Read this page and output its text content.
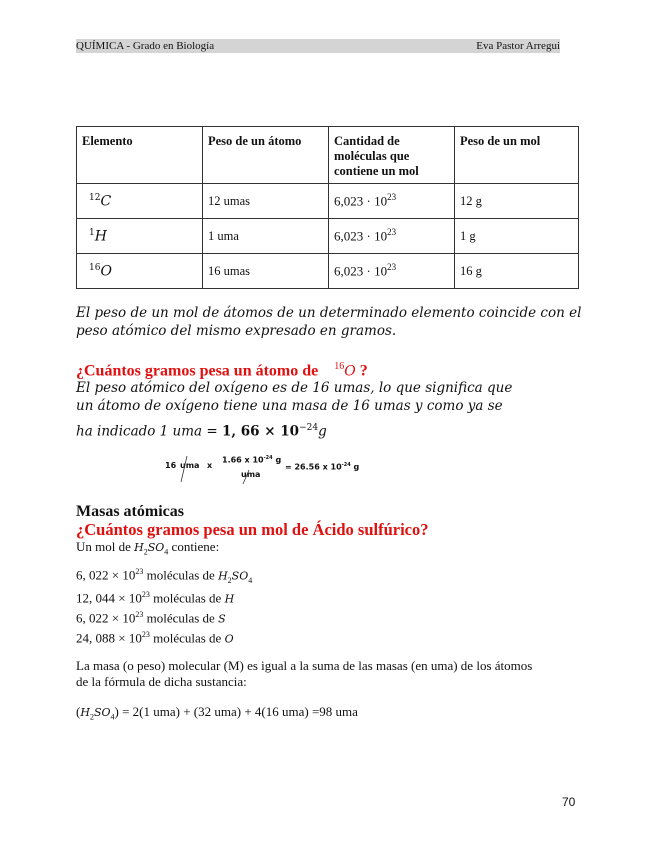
QUÍMICA - Grado en Biología	Eva Pastor Arregui
Elemento	Peso de un átomo	Cantidad de moléculas que contiene un mol	Peso de un mol
$^{12}$C	12 umas	$6,023 \cdot 10^{23}$	12 g
$^1$H	1 uma	$6,023 \cdot 10^{23}$	1 g
$^{16}$O	16 umas	$6,023 \cdot 10^{23}$	16 g
El peso de un mol de átomos de un determinado elemento coincide con el
peso atómico del mismo expresado en gramos.
¿Cuántos gramos pesa un átomo de $^{16}$O ?
El peso atómico del oxígeno es de 16 umas, lo que significa que
un átomo de oxígeno tiene una masa de 16 umas y como ya se
ha indicado 1 uma = 1, $66 \times 10^{-24}g$
16 uma x
1.66 x $10^{-24}$ g
uma
= 26.56 x $10^{-24}$ g
Masas atómicas
¿Cuántos gramos pesa un mol de Ácido sulfúrico?
Un mol de $H_2SO_4$ contiene:
6, $022 \times 10^{23}$ moléculas de $H_2SO_4$
12, $044 \times 10^{23}$ moléculas de H
6, $022 \times 10^{23}$ moléculas de S
24, $088 \times 10^{23}$ moléculas de O
La masa (o peso) molecular (M) es igual a la suma de las masas (en uma) de los átomos
de la fórmula de dicha sustancia:
$(H_2SO_4) = 2(1$ uma) + (32 uma) + 4(16 uma) =98 uma
70
